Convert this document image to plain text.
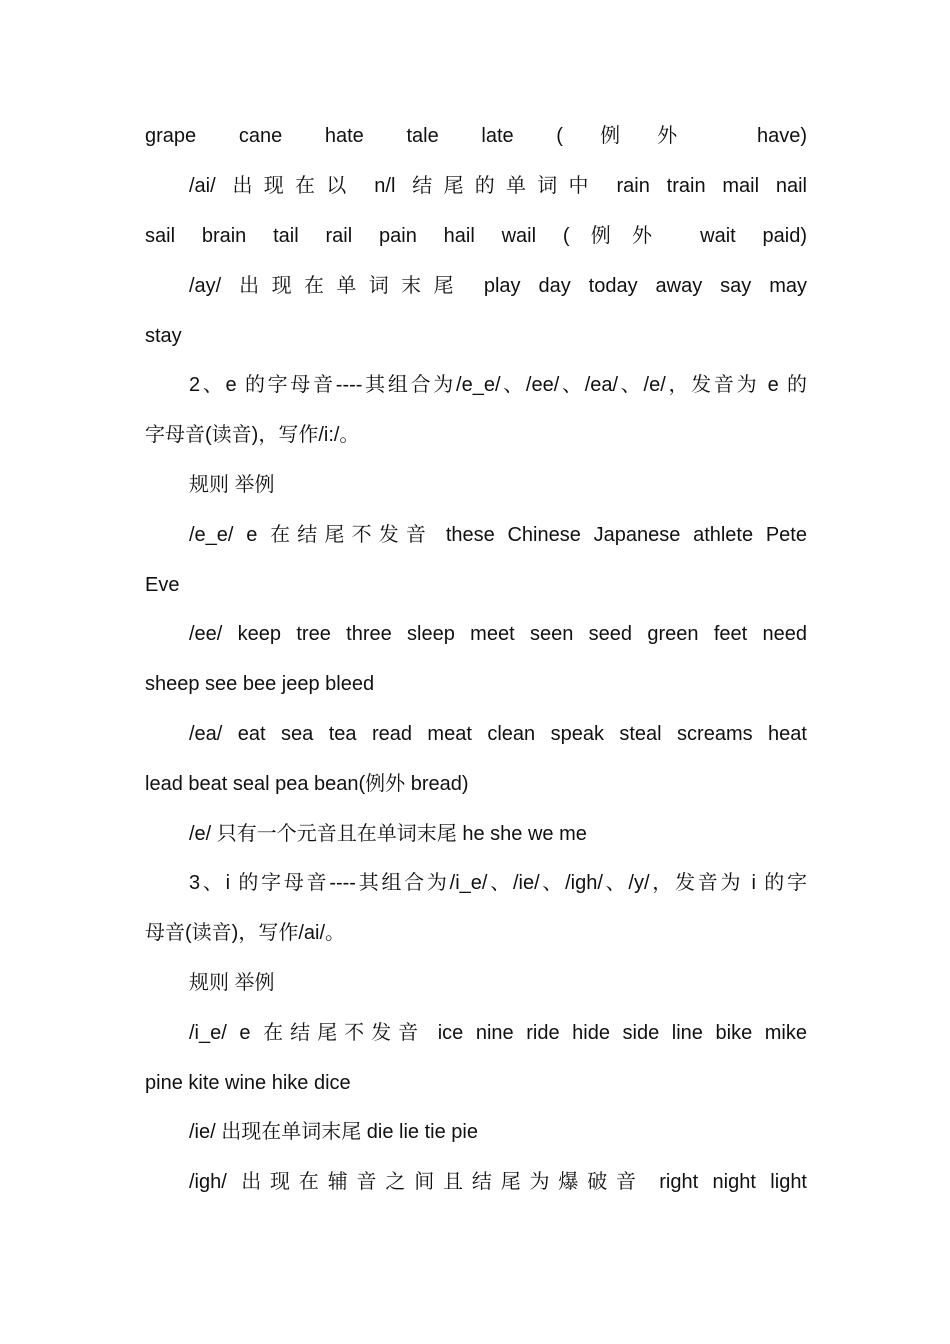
grape cane hate tale late (例外 have)
/ai/ 出现在以 n/l 结尾的单词中 rain train mail nail
sail brain tail rail pain hail wail (例外 wait paid)
/ay/ 出现在单词末尾 play day today away say may
stay
2、e 的字母音----其组合为/e_e/、/ee/、/ea/、/e/，发音为 e 的
字母音(读音)，写作/i:/。
规则 举例
/e_e/ e 在结尾不发音 these Chinese Japanese athlete Pete
Eve
/ee/ keep tree three sleep meet seen seed green feet need
sheep see bee jeep bleed
/ea/ eat sea tea read meat clean speak steal screams heat
lead beat seal pea bean(例外 bread)
/e/ 只有一个元音且在单词末尾 he she we me
3、i 的字母音----其组合为/i_e/、/ie/、/igh/、/y/，发音为 i 的字
母音(读音)，写作/ai/。
规则 举例
/i_e/ e 在结尾不发音 ice nine ride hide side line bike mike
pine kite wine hike dice
/ie/ 出现在单词末尾 die lie tie pie
/igh/ 出现在辅音之间且结尾为爆破音 right night light
